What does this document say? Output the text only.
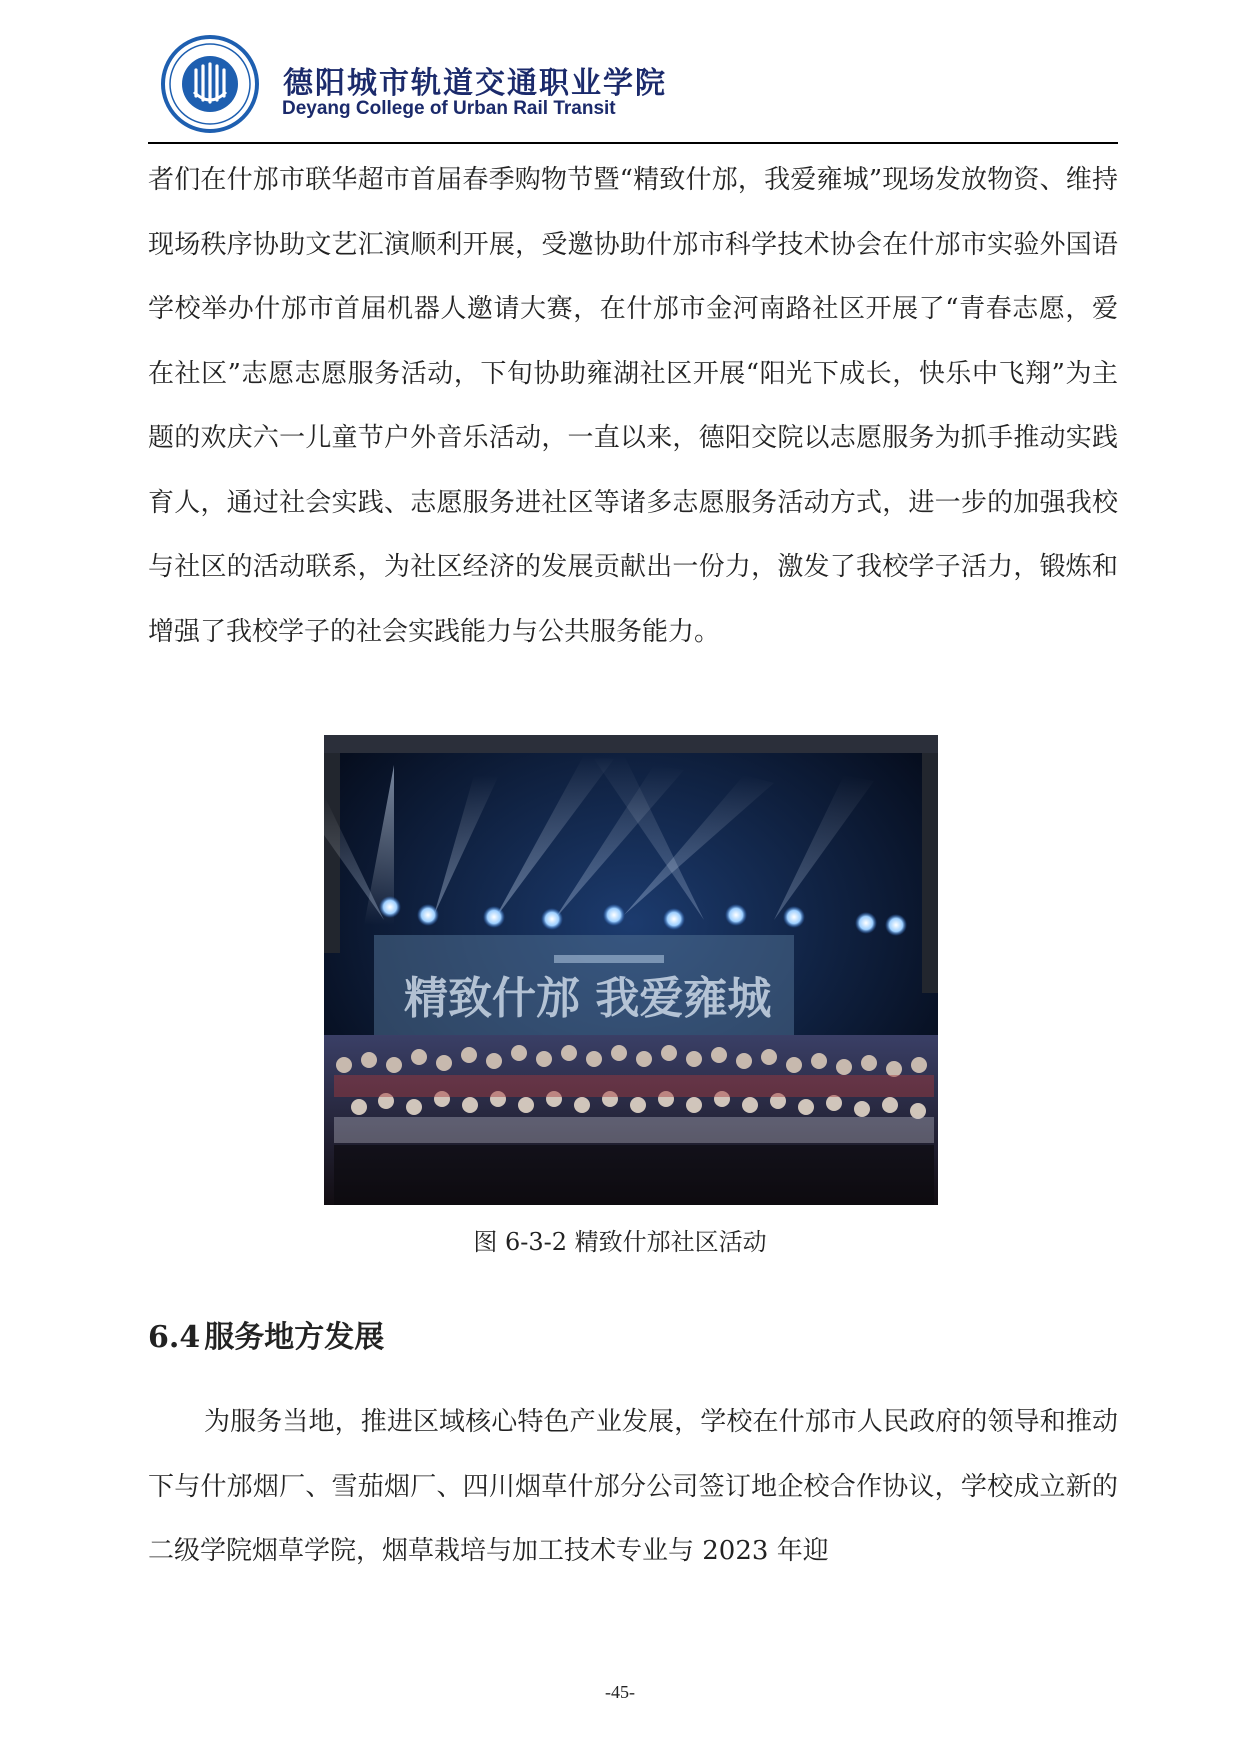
德阳城市轨道交通职业学院
Deyang College of Urban Rail Transit

者们在什邡市联华超市首届春季购物节暨“精致什邡，我爱雍城”现场发放物资、维持现场秩序协助文艺汇演顺利开展，受邀协助什邡市科学技术协会在什邡市实验外国语学校举办什邡市首届机器人邀请大赛，在什邡市金河南路社区开展了“青春志愿，爱在社区”志愿志愿服务活动，下旬协助雍湖社区开展“阳光下成长，快乐中飞翔”为主题的欢庆六一儿童节户外音乐活动，一直以来，德阳交院以志愿服务为抓手推动实践育人，通过社会实践、志愿服务进社区等诸多志愿服务活动方式，进一步的加强我校与社区的活动联系，为社区经济的发展贡献出一份力，激发了我校学子活力，锻炼和增强了我校学子的社会实践能力与公共服务能力。

精致什邡 我爱雍城
图 6-3-2 精致什邡社区活动
6.4 服务地方发展

为服务当地，推进区域核心特色产业发展，学校在什邡市人民政府的领导和推动下与什邡烟厂、雪茄烟厂、四川烟草什邡分公司签订地企校合作协议，学校成立新的二级学院烟草学院，烟草栽培与加工技术专业与 2023 年迎

-45-
